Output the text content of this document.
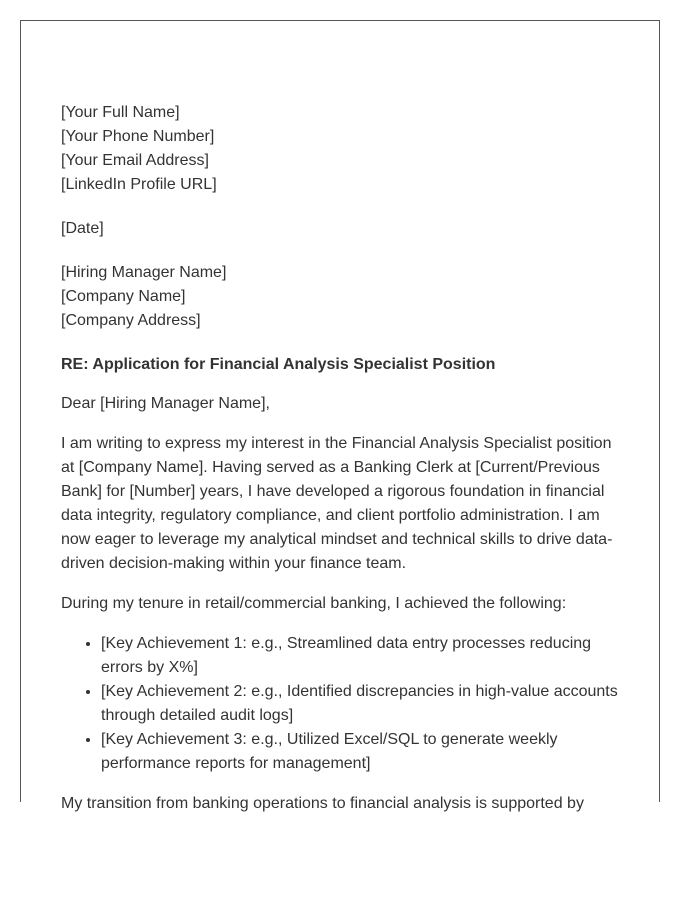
[Your Full Name]
[Your Phone Number]
[Your Email Address]
[LinkedIn Profile URL]
[Date]
[Hiring Manager Name]
[Company Name]
[Company Address]
RE: Application for Financial Analysis Specialist Position

Dear [Hiring Manager Name],

I am writing to express my interest in the Financial Analysis Specialist position at [Company Name]. Having served as a Banking Clerk at [Current/Previous Bank] for [Number] years, I have developed a rigorous foundation in financial data integrity, regulatory compliance, and client portfolio administration. I am now eager to leverage my analytical mindset and technical skills to drive data-driven decision-making within your finance team.

During my tenure in retail/commercial banking, I achieved the following:

• [Key Achievement 1: e.g., Streamlined data entry processes reducing errors by X%]
• [Key Achievement 2: e.g., Identified discrepancies in high-value accounts through detailed audit logs]
• [Key Achievement 3: e.g., Utilized Excel/SQL to generate weekly performance reports for management]

My transition from banking operations to financial analysis is supported by
